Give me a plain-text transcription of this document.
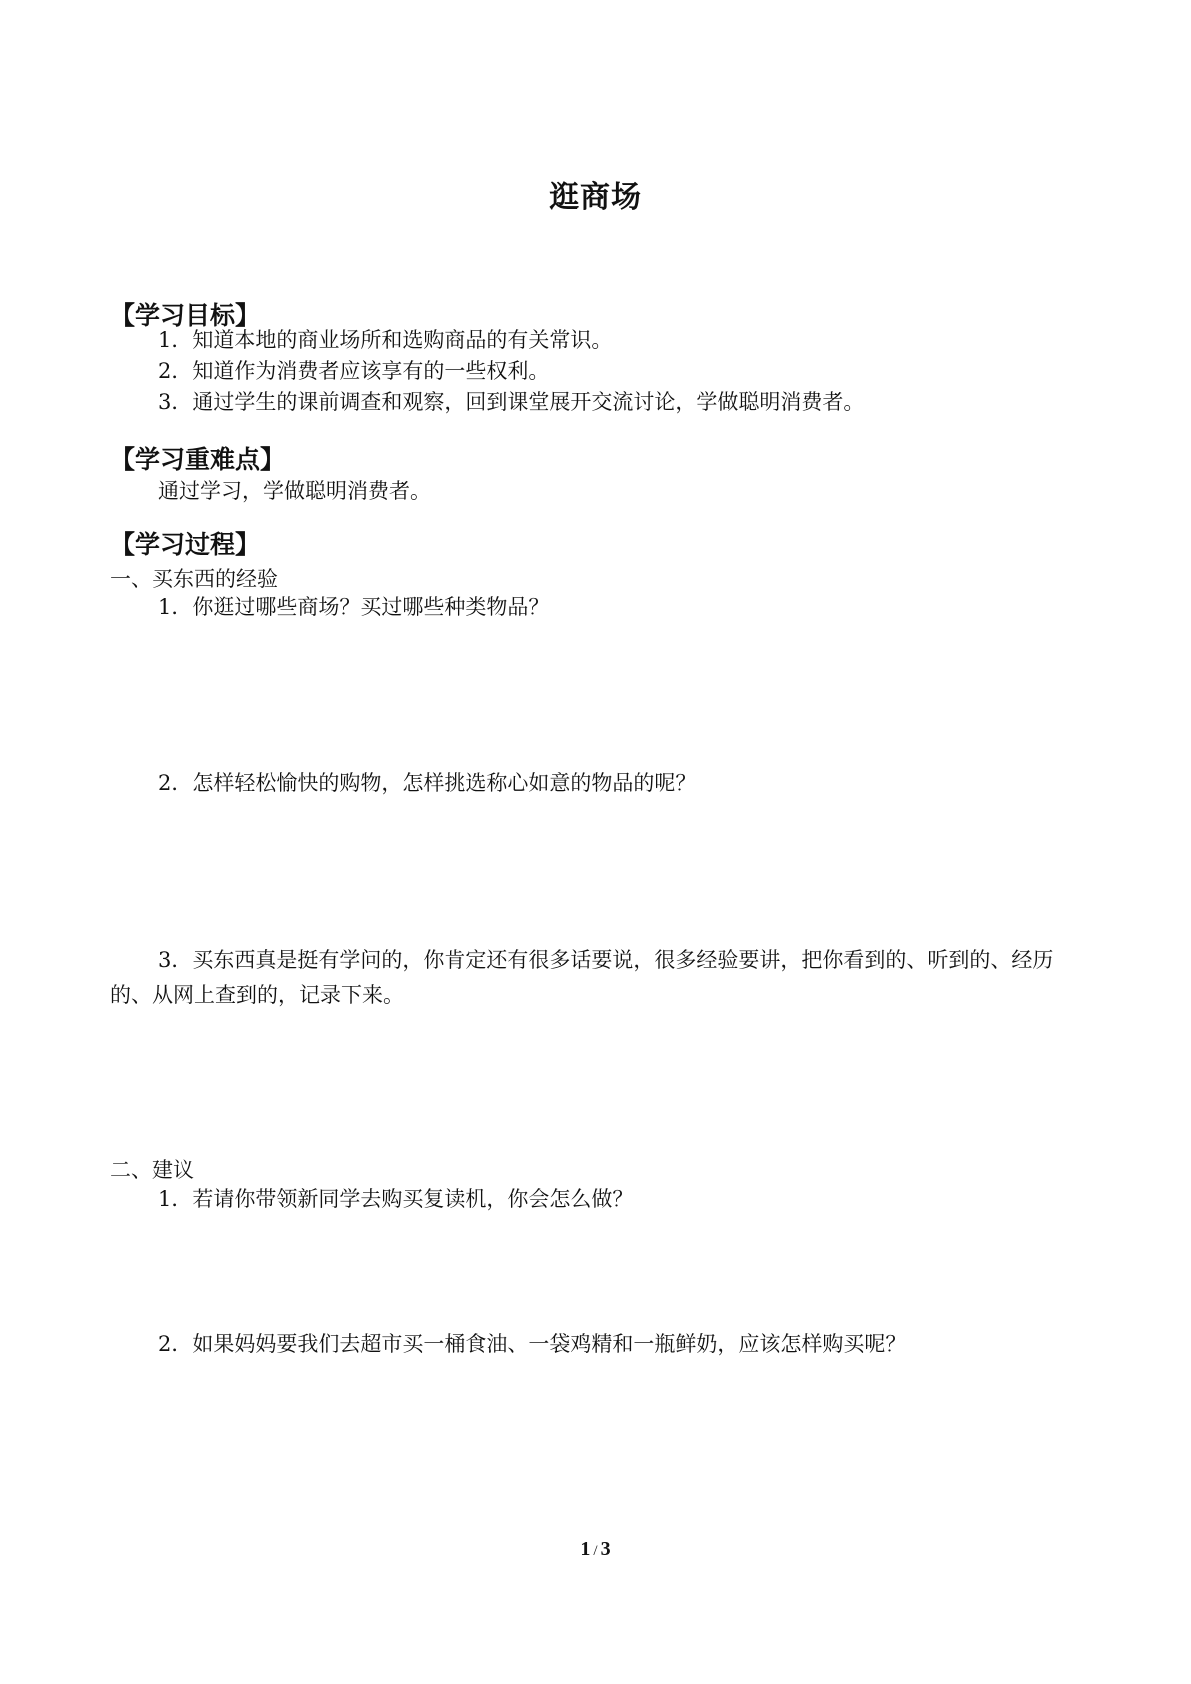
逛商场
【学习目标】
1．知道本地的商业场所和选购商品的有关常识。
2．知道作为消费者应该享有的一些权利。
3．通过学生的课前调查和观察，回到课堂展开交流讨论，学做聪明消费者。
【学习重难点】
通过学习，学做聪明消费者。
【学习过程】
一、买东西的经验
1．你逛过哪些商场？买过哪些种类物品？
2．怎样轻松愉快的购物，怎样挑选称心如意的物品的呢？
3．买东西真是挺有学问的，你肯定还有很多话要说，很多经验要讲，把你看到的、听到的、经历的、从网上查到的，记录下来。
二、建议
1．若请你带领新同学去购买复读机，你会怎么做？
2．如果妈妈要我们去超市买一桶食油、一袋鸡精和一瓶鲜奶，应该怎样购买呢？
1 / 3
